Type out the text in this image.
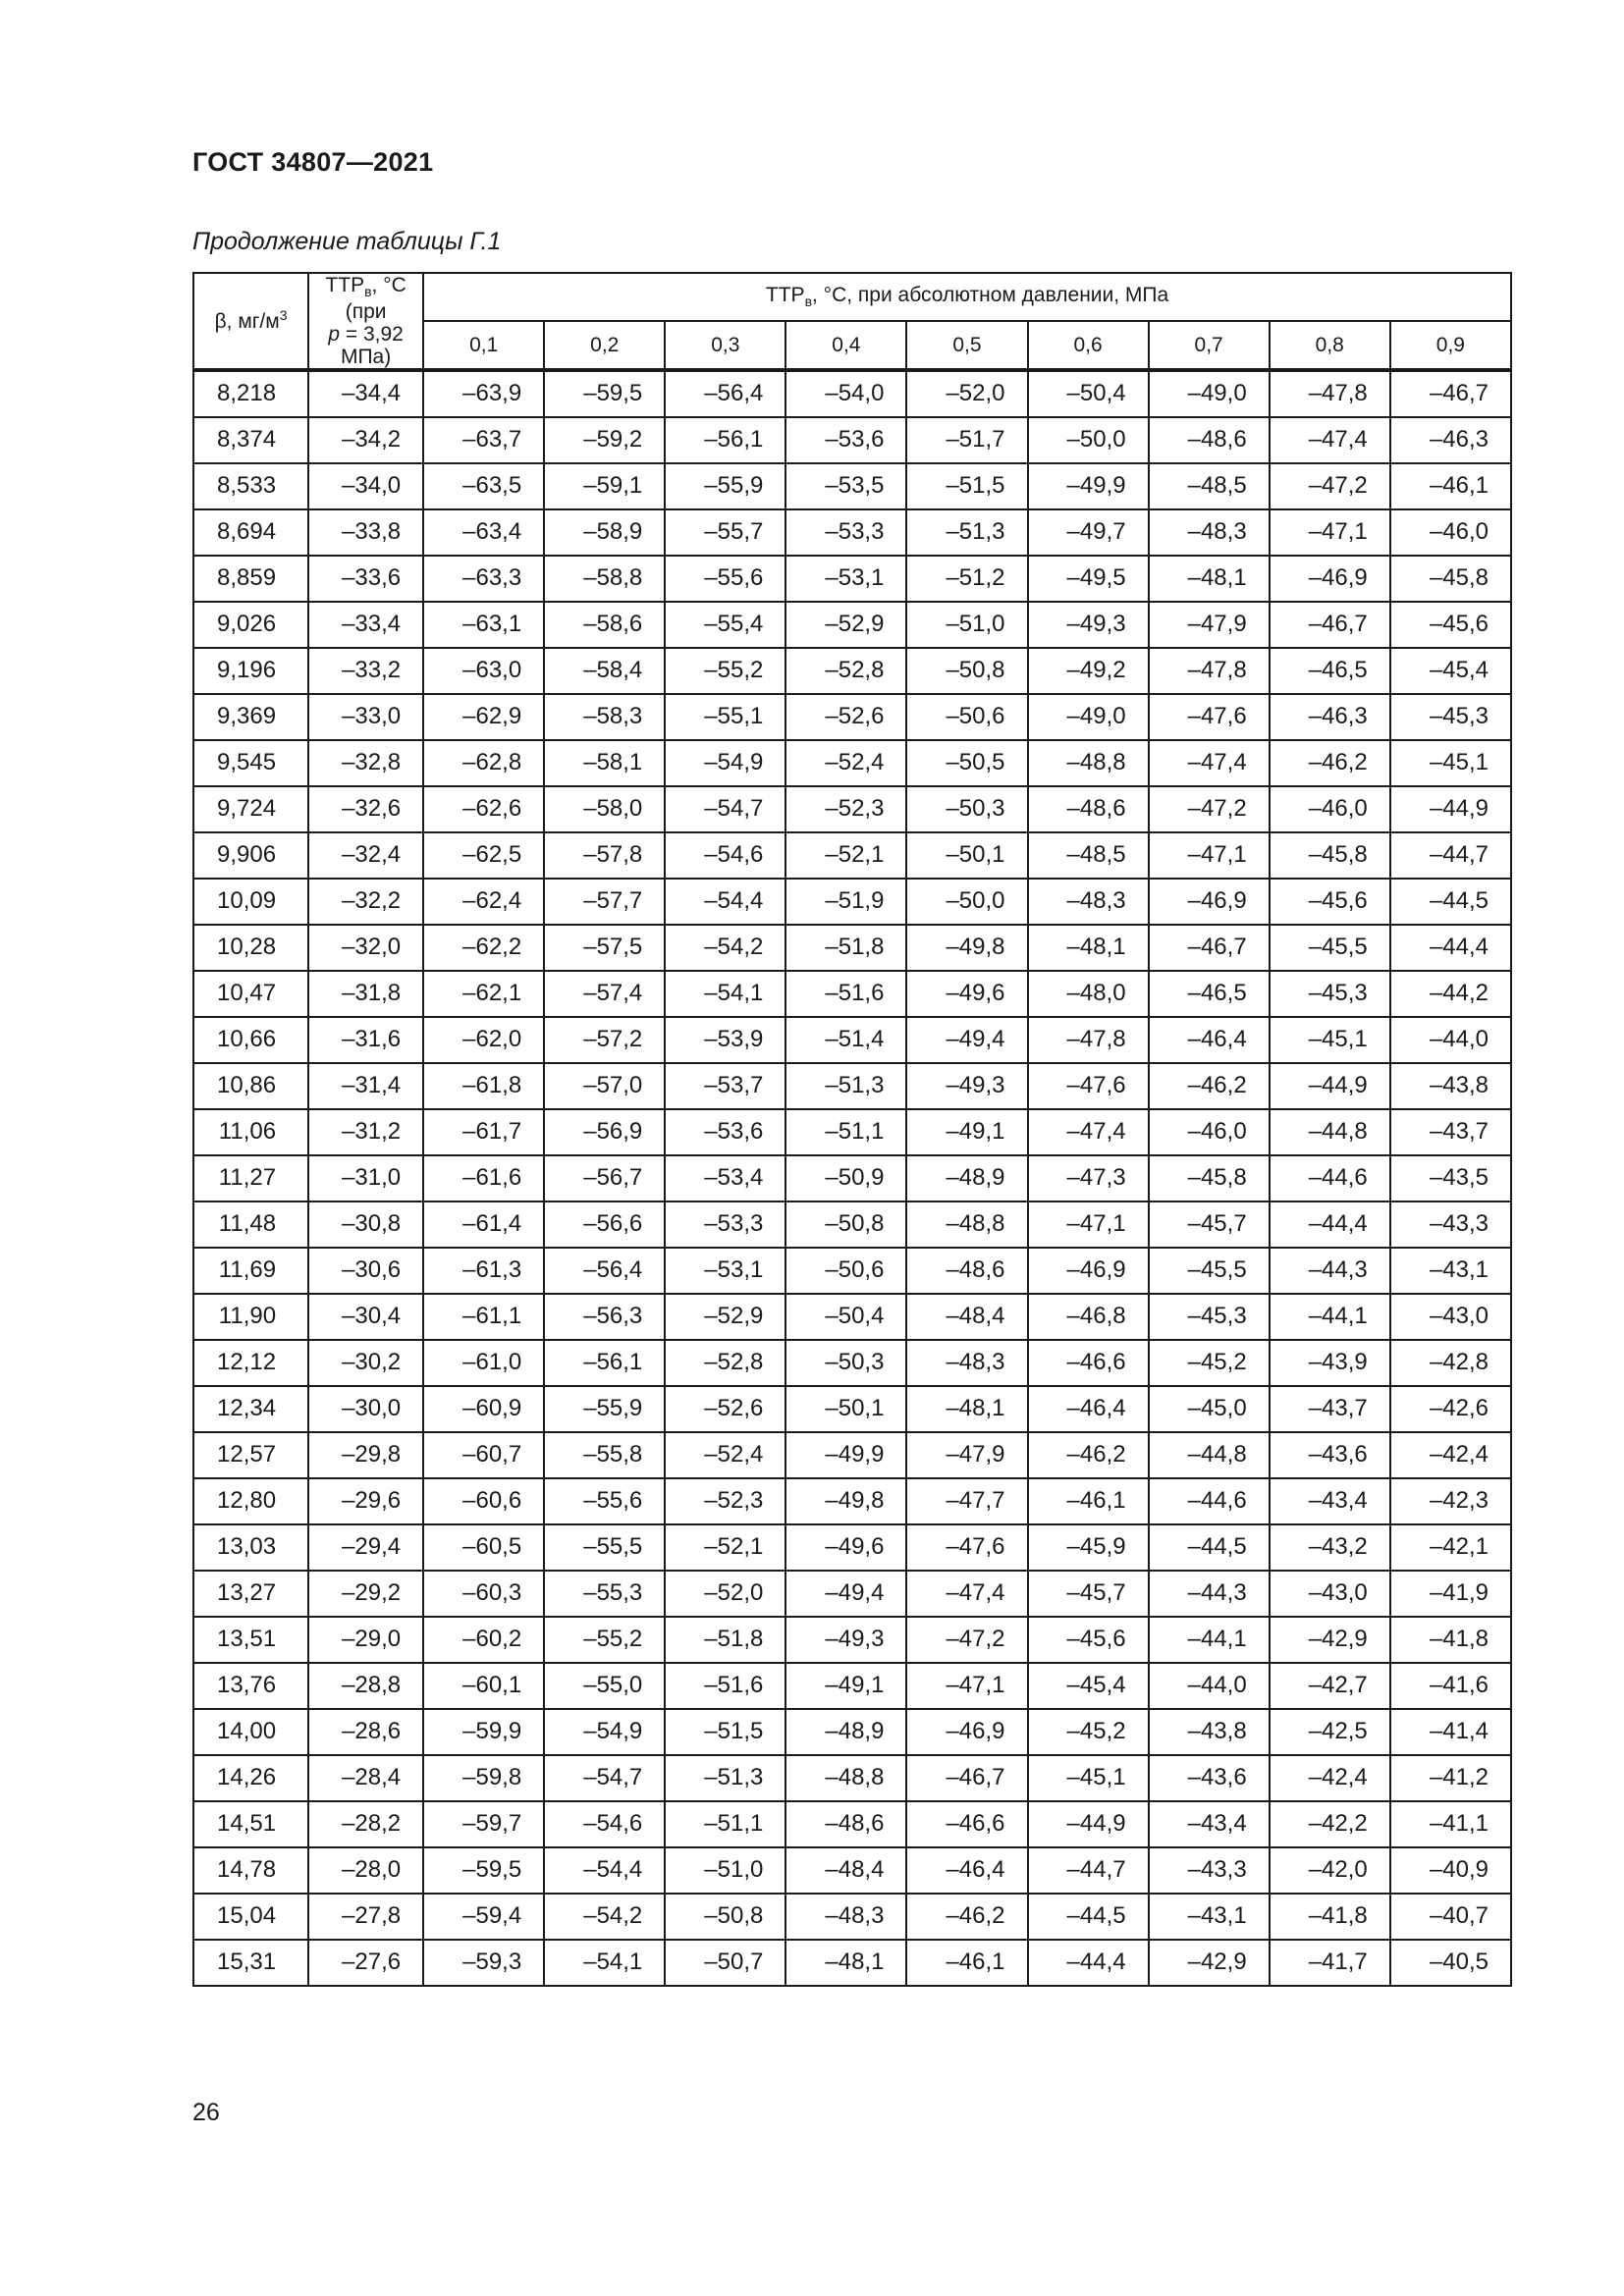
ГОСТ 34807—2021
Продолжение таблицы Г.1
β, $мг/м^3$	$ТТР_в$, °С (при
p = 3,92 МПа)	$ТТР_в$, °С, при абсолютном давлении, МПа								
		0,1	0,2	0,3	0,4	0,5	0,6	0,7	0,8	0,9
8,218	–34,4	–63,9	–59,5	–56,4	–54,0	–52,0	–50,4	–49,0	–47,8	–46,7
8,374	–34,2	–63,7	–59,2	–56,1	–53,6	–51,7	–50,0	–48,6	–47,4	–46,3
8,533	–34,0	–63,5	–59,1	–55,9	–53,5	–51,5	–49,9	–48,5	–47,2	–46,1
8,694	–33,8	–63,4	–58,9	–55,7	–53,3	–51,3	–49,7	–48,3	–47,1	–46,0
8,859	–33,6	–63,3	–58,8	–55,6	–53,1	–51,2	–49,5	–48,1	–46,9	–45,8
9,026	–33,4	–63,1	–58,6	–55,4	–52,9	–51,0	–49,3	–47,9	–46,7	–45,6
9,196	–33,2	–63,0	–58,4	–55,2	–52,8	–50,8	–49,2	–47,8	–46,5	–45,4
9,369	–33,0	–62,9	–58,3	–55,1	–52,6	–50,6	–49,0	–47,6	–46,3	–45,3
9,545	–32,8	–62,8	–58,1	–54,9	–52,4	–50,5	–48,8	–47,4	–46,2	–45,1
9,724	–32,6	–62,6	–58,0	–54,7	–52,3	–50,3	–48,6	–47,2	–46,0	–44,9
9,906	–32,4	–62,5	–57,8	–54,6	–52,1	–50,1	–48,5	–47,1	–45,8	–44,7
10,09	–32,2	–62,4	–57,7	–54,4	–51,9	–50,0	–48,3	–46,9	–45,6	–44,5
10,28	–32,0	–62,2	–57,5	–54,2	–51,8	–49,8	–48,1	–46,7	–45,5	–44,4
10,47	–31,8	–62,1	–57,4	–54,1	–51,6	–49,6	–48,0	–46,5	–45,3	–44,2
10,66	–31,6	–62,0	–57,2	–53,9	–51,4	–49,4	–47,8	–46,4	–45,1	–44,0
10,86	–31,4	–61,8	–57,0	–53,7	–51,3	–49,3	–47,6	–46,2	–44,9	–43,8
11,06	–31,2	–61,7	–56,9	–53,6	–51,1	–49,1	–47,4	–46,0	–44,8	–43,7
11,27	–31,0	–61,6	–56,7	–53,4	–50,9	–48,9	–47,3	–45,8	–44,6	–43,5
11,48	–30,8	–61,4	–56,6	–53,3	–50,8	–48,8	–47,1	–45,7	–44,4	–43,3
11,69	–30,6	–61,3	–56,4	–53,1	–50,6	–48,6	–46,9	–45,5	–44,3	–43,1
11,90	–30,4	–61,1	–56,3	–52,9	–50,4	–48,4	–46,8	–45,3	–44,1	–43,0
12,12	–30,2	–61,0	–56,1	–52,8	–50,3	–48,3	–46,6	–45,2	–43,9	–42,8
12,34	–30,0	–60,9	–55,9	–52,6	–50,1	–48,1	–46,4	–45,0	–43,7	–42,6
12,57	–29,8	–60,7	–55,8	–52,4	–49,9	–47,9	–46,2	–44,8	–43,6	–42,4
12,80	–29,6	–60,6	–55,6	–52,3	–49,8	–47,7	–46,1	–44,6	–43,4	–42,3
13,03	–29,4	–60,5	–55,5	–52,1	–49,6	–47,6	–45,9	–44,5	–43,2	–42,1
13,27	–29,2	–60,3	–55,3	–52,0	–49,4	–47,4	–45,7	–44,3	–43,0	–41,9
13,51	–29,0	–60,2	–55,2	–51,8	–49,3	–47,2	–45,6	–44,1	–42,9	–41,8
13,76	–28,8	–60,1	–55,0	–51,6	–49,1	–47,1	–45,4	–44,0	–42,7	–41,6
14,00	–28,6	–59,9	–54,9	–51,5	–48,9	–46,9	–45,2	–43,8	–42,5	–41,4
14,26	–28,4	–59,8	–54,7	–51,3	–48,8	–46,7	–45,1	–43,6	–42,4	–41,2
14,51	–28,2	–59,7	–54,6	–51,1	–48,6	–46,6	–44,9	–43,4	–42,2	–41,1
14,78	–28,0	–59,5	–54,4	–51,0	–48,4	–46,4	–44,7	–43,3	–42,0	–40,9
15,04	–27,8	–59,4	–54,2	–50,8	–48,3	–46,2	–44,5	–43,1	–41,8	–40,7
15,31	–27,6	–59,3	–54,1	–50,7	–48,1	–46,1	–44,4	–42,9	–41,7	–40,5
26
